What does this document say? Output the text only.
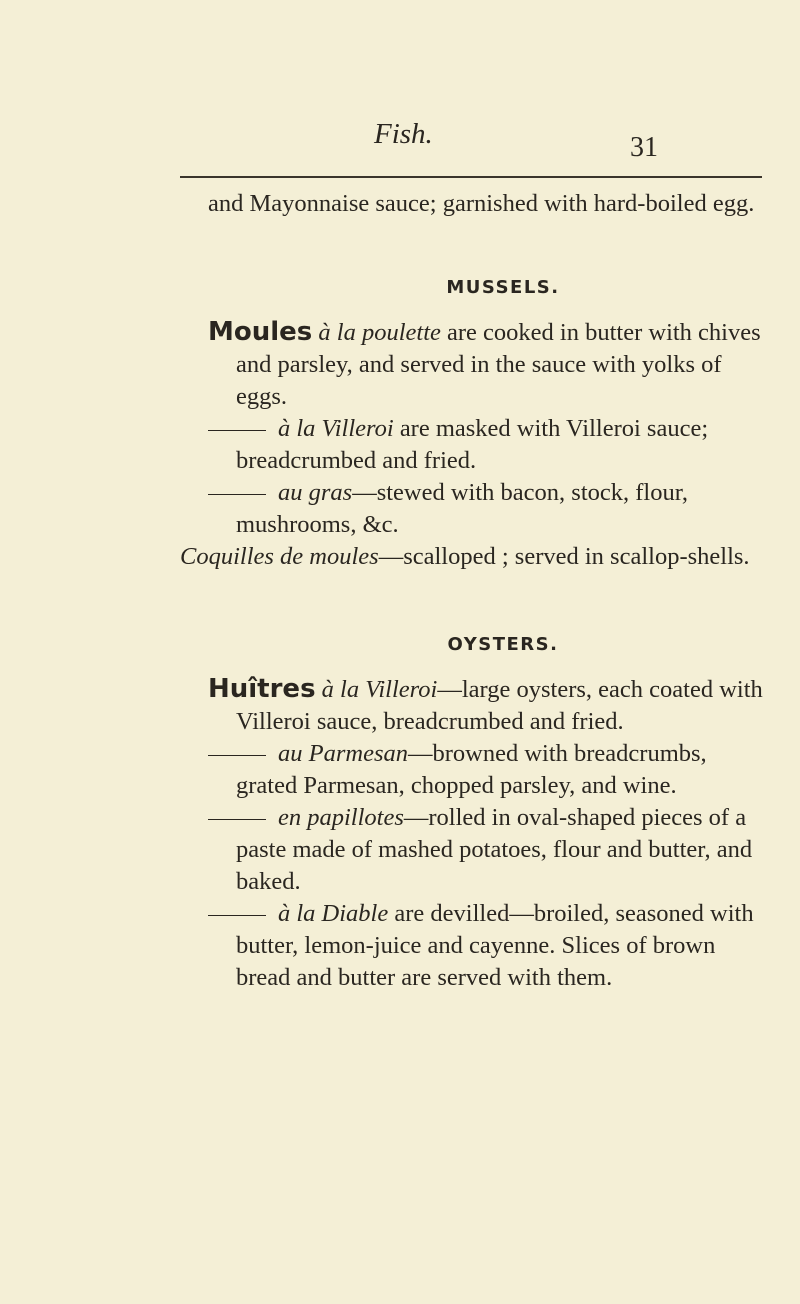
Fish.	31

and Mayonnaise sauce; garnished with hard-boiled egg.

MUSSELS.

Moules à la poulette are cooked in butter with chives and parsley, and served in the sauce with yolks of eggs.

à la Villeroi are masked with Villeroi sauce; breadcrumbed and fried.

au gras—stewed with bacon, stock, flour, mushrooms, &c.

Coquilles de moules—scalloped ; served in scallop-shells.

OYSTERS.

Huîtres à la Villeroi—large oysters, each coated with Villeroi sauce, breadcrumbed and fried.

au Parmesan—browned with breadcrumbs, grated Parmesan, chopped parsley, and wine.

en papillotes—rolled in oval-shaped pieces of a paste made of mashed potatoes, flour and butter, and baked.

à la Diable are devilled—broiled, seasoned with butter, lemon-juice and cayenne. Slices of brown bread and butter are served with them.
